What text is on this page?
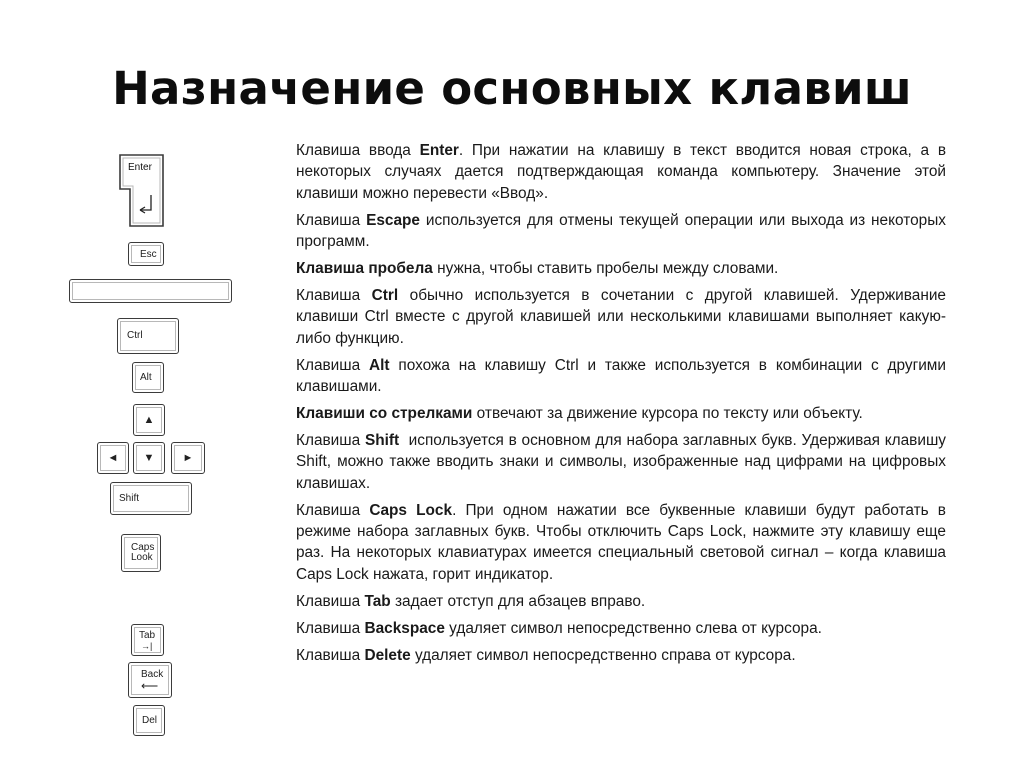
Назначение основных клавиш
Enter
Esc
Ctrl
Alt
▲
◄	▼	►
Shift
Caps
Look
Tab
→|
Back
⟵
Del

Клавиша ввода Enter. При нажатии на клавишу в текст вводится новая строка, а в некоторых случаях дается подтверждающая команда компьютеру. Значение этой клавиши можно перевести «Ввод».

Клавиша Escape используется для отмены текущей операции или выхода из некоторых программ.

Клавиша пробела нужна, чтобы ставить пробелы между словами.

Клавиша Ctrl обычно используется в сочетании с другой клавишей. Удерживание клавиши Ctrl вместе с другой клавишей или несколькими клавишами выполняет какую-либо функцию.

Клавиша Alt похожа на клавишу Ctrl и также используется в комбинации с другими клавишами.

Клавиши со стрелками отвечают за движение курсора по тексту или объекту.

Клавиша Shift  используется в основном для набора заглавных букв. Удерживая клавишу Shift, можно также вводить знаки и символы, изображенные над цифрами на цифровых клавишах.

Клавиша Caps Lock. При одном нажатии все буквенные клавиши будут работать в режиме набора заглавных букв. Чтобы отключить Caps Lock, нажмите эту клавишу еще раз. На некоторых клавиатурах имеется специальный световой сигнал – когда клавиша Caps Lock нажата, горит индикатор.

Клавиша Tab задает отступ для абзацев вправо.

Клавиша Backspace удаляет символ непосредственно слева от курсора.

Клавиша Delete удаляет символ непосредственно справа от курсора.
